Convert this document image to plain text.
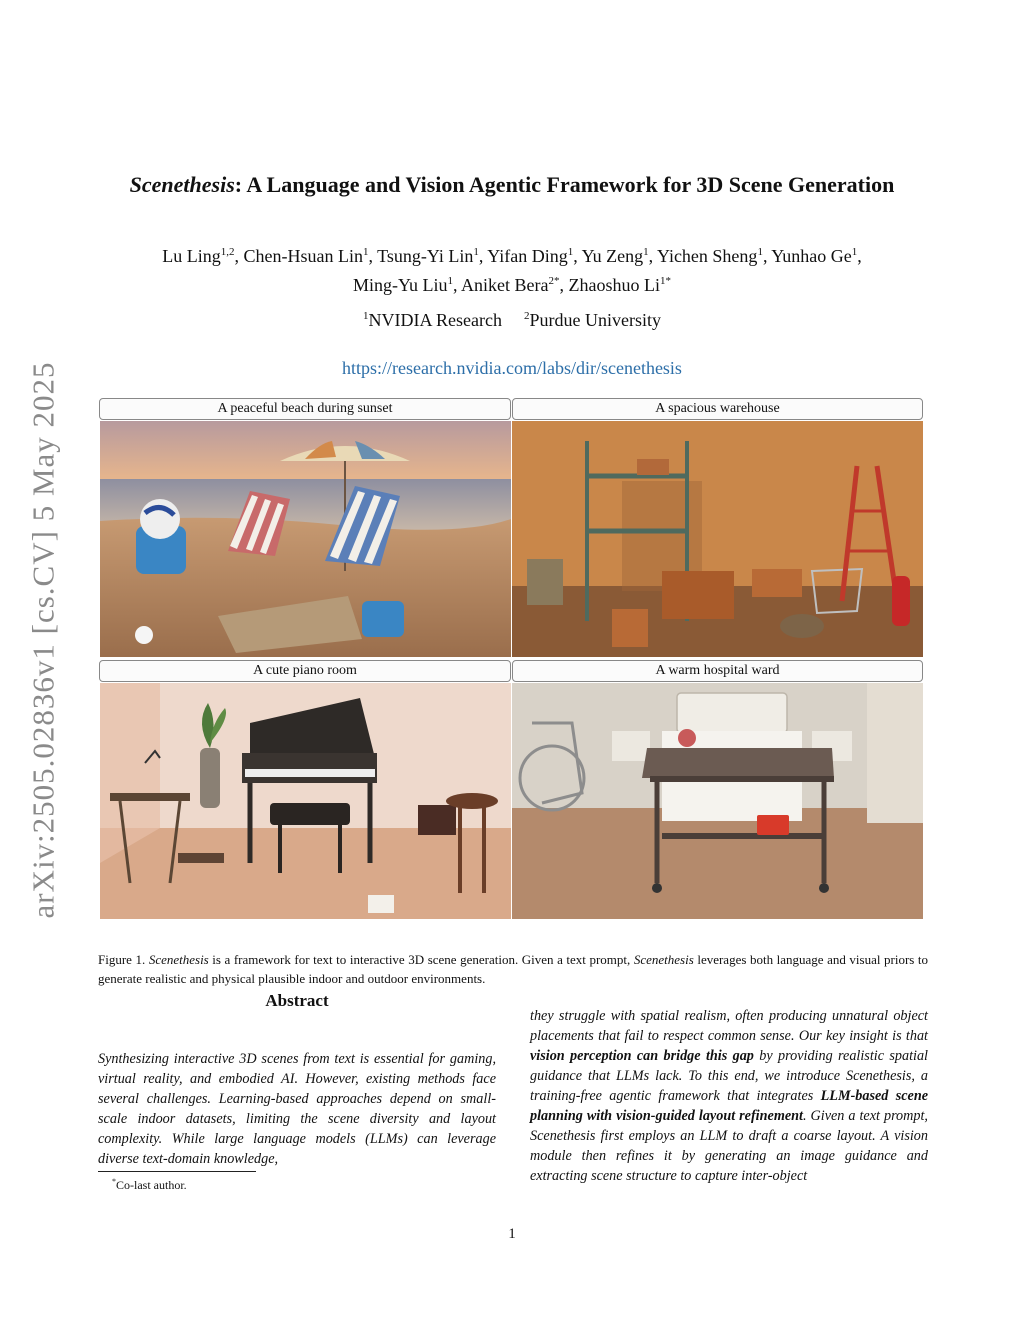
arXiv:2505.02836v1 [cs.CV] 5 May 2025
Scenethesis: A Language and Vision Agentic Framework for 3D Scene Generation
Lu Ling$^{1,2}$, Chen-Hsuan Lin$^1$, Tsung-Yi Lin$^1$, Yifan Ding$^1$, Yu Zeng$^1$, Yichen Sheng$^1$, Yunhao Ge$^1$,
Ming-Yu Liu$^1$, Aniket Bera$^{2*}$, Zhaoshuo $Li^{1*}$
$^1$NVIDIA Research $^2$Purdue University
https://research.nvidia.com/labs/dir/scenethesis
A peaceful beach during sunset	A spacious warehouse
A cute piano room	A warm hospital ward

Figure 1. Scenethesis is a framework for text to interactive 3D scene generation. Given a text prompt, Scenethesis leverages both language and visual priors to generate realistic and physical plausible indoor and outdoor environments.

Abstract

Synthesizing interactive 3D scenes from text is essential for gaming, virtual reality, and embodied AI. However, existing methods face several challenges. Learning-based approaches depend on small-scale indoor datasets, limiting the scene diversity and layout complexity. While large language models (LLMs) can leverage diverse text-domain knowledge,

they struggle with spatial realism, often producing unnatural object placements that fail to respect common sense. Our key insight is that vision perception can bridge this gap by providing realistic spatial guidance that LLMs lack. To this end, we introduce Scenethesis, a training-free agentic framework that integrates LLM-based scene planning with vision-guided layout refinement. Given a text prompt, Scenethesis first employs an LLM to draft a coarse layout. A vision module then refines it by generating an image guidance and extracting scene structure to capture inter-object

*Co-last author.
1
